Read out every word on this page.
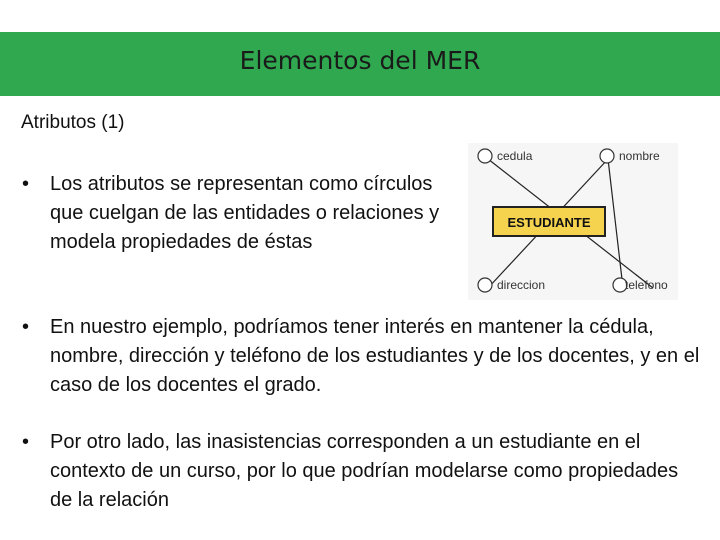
Elementos del MER
Atributos (1)
•	Los atributos se representan como círculos que cuelgan de las entidades o relaciones y modela propiedades de éstas
•	En nuestro ejemplo, podríamos tener interés en mantener la cédula, nombre, dirección y teléfono de los estudiantes y de los docentes, y en el caso de los docentes el grado.
•	Por otro lado, las inasistencias corresponden a un estudiante en el contexto de un curso, por lo que podrían modelarse como propiedades de la relación
cedula	nombre
direccion	telefono
ESTUDIANTE
